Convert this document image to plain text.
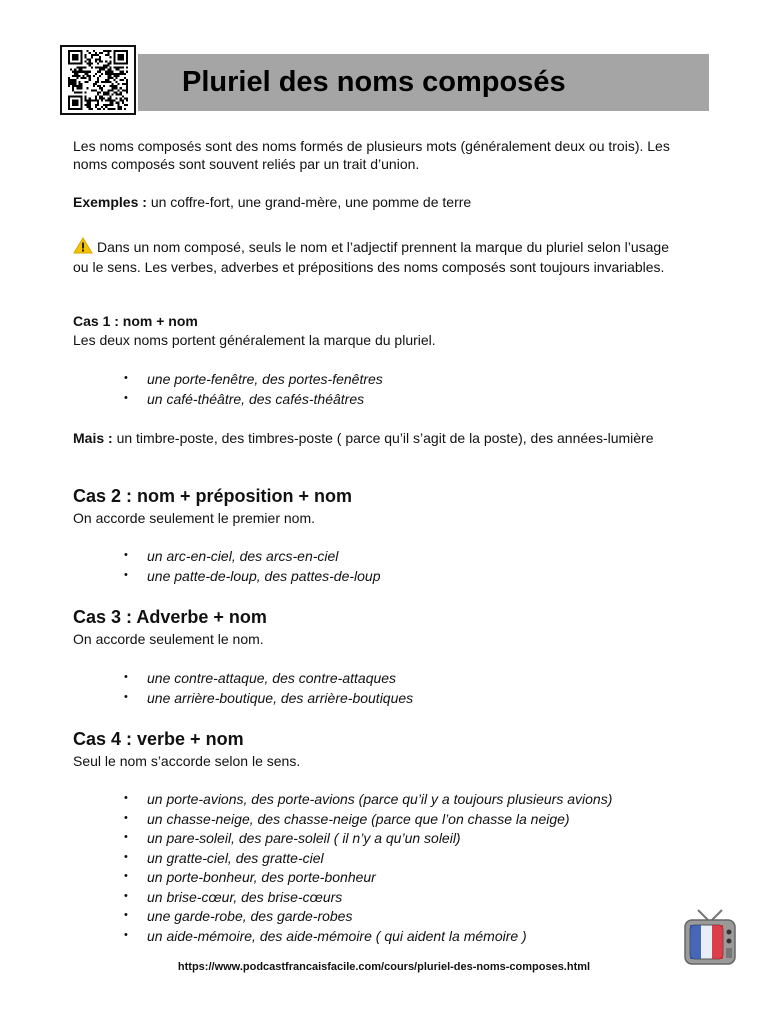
Pluriel des noms composés

Les noms composés sont des noms formés de plusieurs mots (généralement deux ou trois). Les noms composés sont souvent reliés par un trait d’union.

Exemples : un coffre-fort, une grand-mère, une pomme de terre

Dans un nom composé, seuls le nom et l’adjectif prennent la marque du pluriel selon l’usage ou le sens. Les verbes, adverbes et prépositions des noms composés sont toujours invariables.

Cas 1 : nom + nom

Les deux noms portent généralement la marque du pluriel.

• une porte-fenêtre, des portes-fenêtres
• un café-théâtre, des cafés-théâtres

Mais : un timbre-poste, des timbres-poste ( parce qu’il s’agit de la poste), des années-lumière

Cas 2 : nom + préposition + nom

On accorde seulement le premier nom.

• un arc-en-ciel, des arcs-en-ciel
• une patte-de-loup, des pattes-de-loup
Cas 3 : Adverbe + nom

On accorde seulement le nom.

• une contre-attaque, des contre-attaques
• une arrière-boutique, des arrière-boutiques
Cas 4 : verbe + nom

Seul le nom s’accorde selon le sens.

• un porte-avions, des porte-avions (parce qu’il y a toujours plusieurs avions)
• un chasse-neige, des chasse-neige (parce que l’on chasse la neige)
• un pare-soleil, des pare-soleil ( il n’y a qu’un soleil)
• un gratte-ciel, des gratte-ciel
• un porte-bonheur, des porte-bonheur
• un brise-cœur, des brise-cœurs
• une garde-robe, des garde-robes
• un aide-mémoire, des aide-mémoire ( qui aident la mémoire )
https://www.podcastfrancaisfacile.com/cours/pluriel-des-noms-composes.html
